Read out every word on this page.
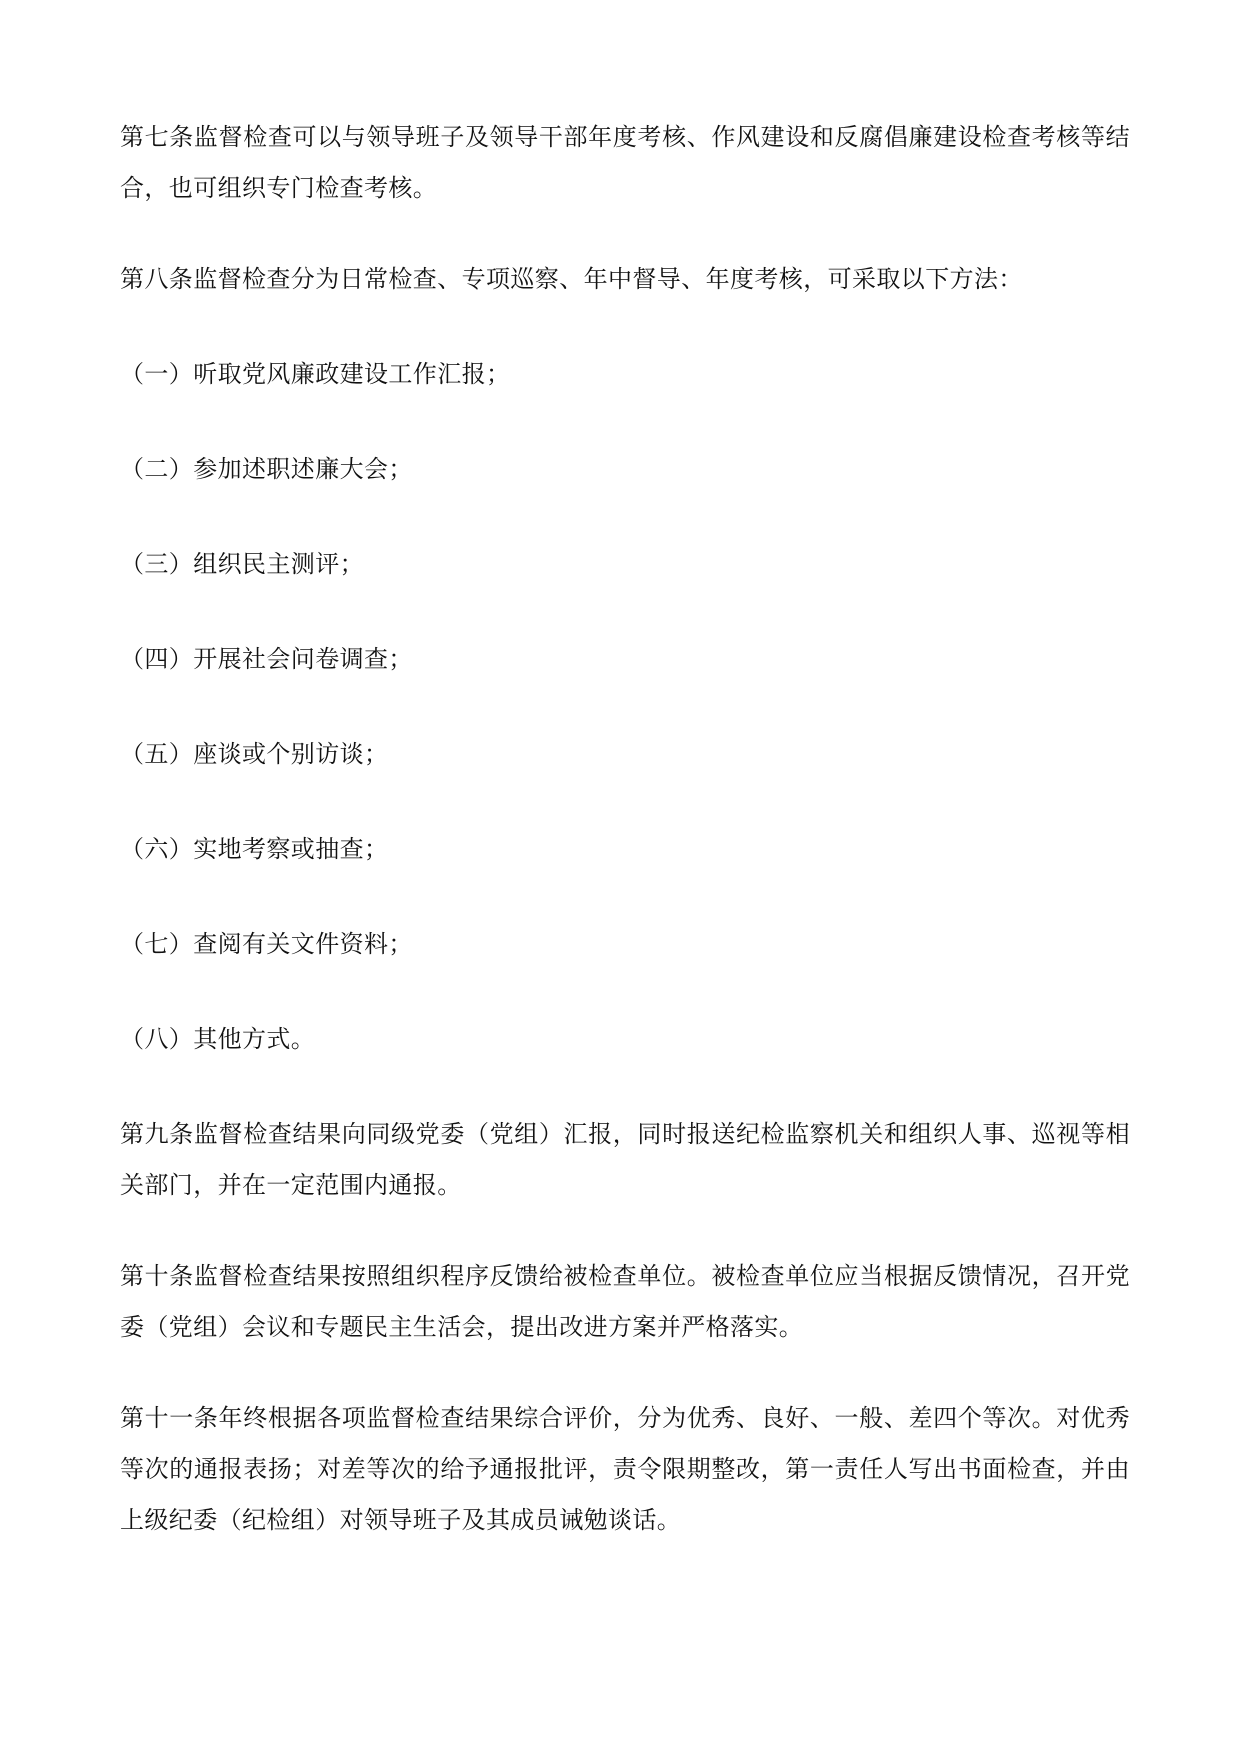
第七条监督检查可以与领导班子及领导干部年度考核、作风建设和反腐倡廉建设检查考核等结合，也可组织专门检查考核。

第八条监督检查分为日常检查、专项巡察、年中督导、年度考核，可采取以下方法：

（一）听取党风廉政建设工作汇报；

（二）参加述职述廉大会；

（三）组织民主测评；

（四）开展社会问卷调查；

（五）座谈或个别访谈；

（六）实地考察或抽查；

（七）查阅有关文件资料；

（八）其他方式。

第九条监督检查结果向同级党委（党组）汇报，同时报送纪检监察机关和组织人事、巡视等相关部门，并在一定范围内通报。

第十条监督检查结果按照组织程序反馈给被检查单位。被检查单位应当根据反馈情况，召开党委（党组）会议和专题民主生活会，提出改进方案并严格落实。

第十一条年终根据各项监督检查结果综合评价，分为优秀、良好、一般、差四个等次。对优秀等次的通报表扬；对差等次的给予通报批评，责令限期整改，第一责任人写出书面检查，并由上级纪委（纪检组）对领导班子及其成员诫勉谈话。
